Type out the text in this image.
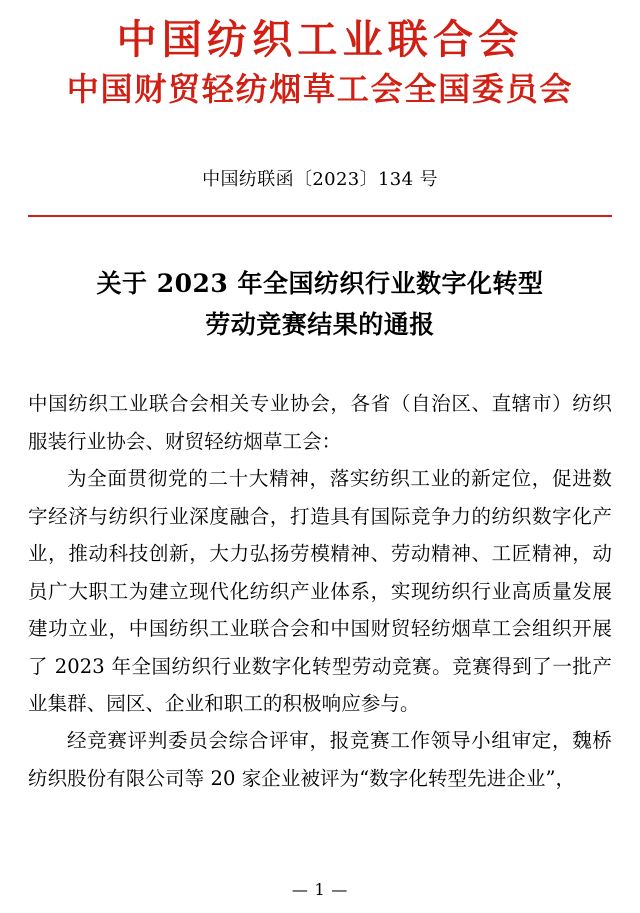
中国纺织工业联合会
中国财贸轻纺烟草工会全国委员会
中国纺联函〔2023〕134 号
关于 2023 年全国纺织行业数字化转型
劳动竞赛结果的通报

中国纺织工业联合会相关专业协会，各省（自治区、直辖市）纺织服装行业协会、财贸轻纺烟草工会：

为全面贯彻党的二十大精神，落实纺织工业的新定位，促进数字经济与纺织行业深度融合，打造具有国际竞争力的纺织数字化产业，推动科技创新，大力弘扬劳模精神、劳动精神、工匠精神，动员广大职工为建立现代化纺织产业体系，实现纺织行业高质量发展建功立业，中国纺织工业联合会和中国财贸轻纺烟草工会组织开展了 2023 年全国纺织行业数字化转型劳动竞赛。竞赛得到了一批产业集群、园区、企业和职工的积极响应参与。

经竞赛评判委员会综合评审，报竞赛工作领导小组审定，魏桥纺织股份有限公司等 20 家企业被评为“数字化转型先进企业”，

— 1 —
